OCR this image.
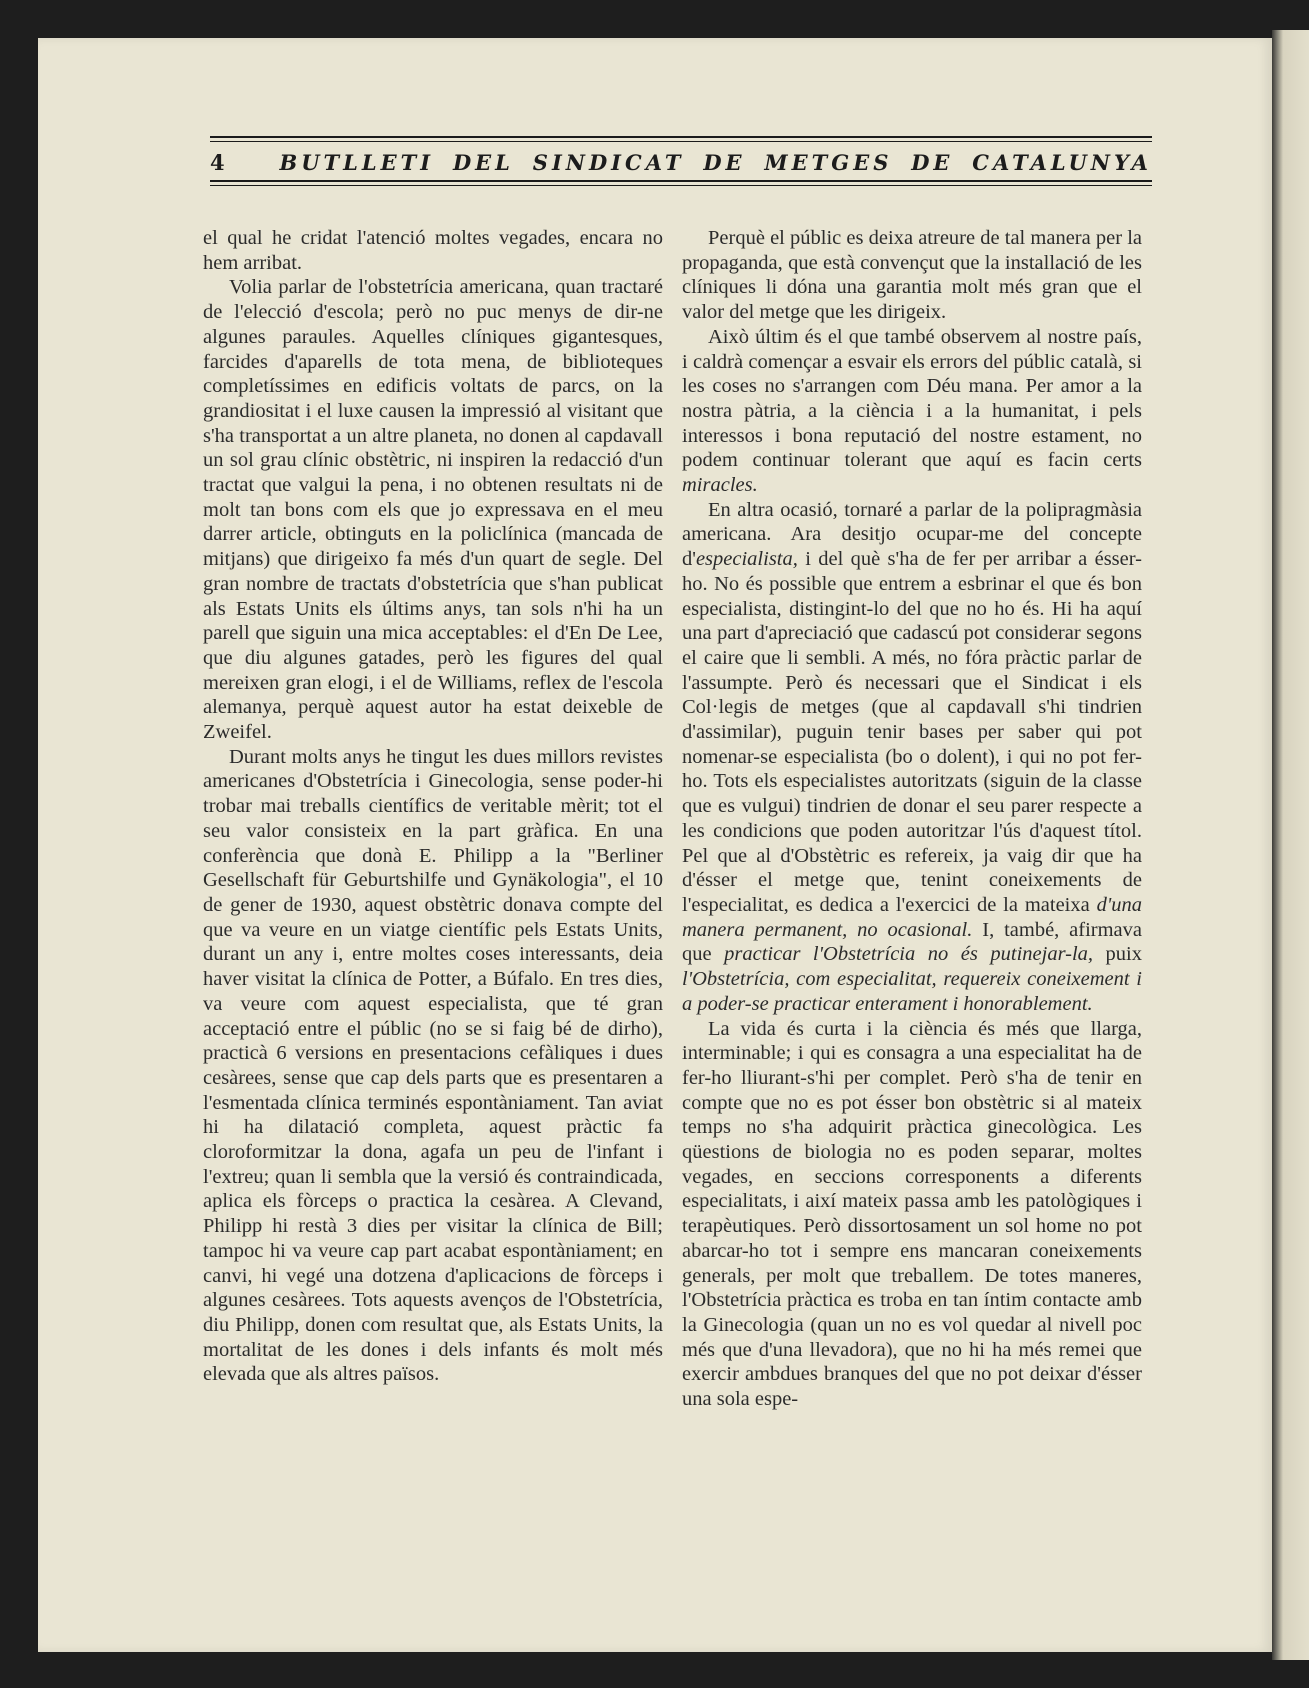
4	BUTLLETI DEL SINDICAT DE METGES DE CATALUNYA

el qual he cridat l'atenció moltes vegades, encara no hem arribat.

Volia parlar de l'obstetrícia americana, quan tractaré de l'elecció d'escola; però no puc menys de dir-ne algunes paraules. Aquelles clíniques gigantesques, farcides d'aparells de tota mena, de biblioteques completíssimes en edificis voltats de parcs, on la grandiositat i el luxe causen la impressió al visitant que s'ha transportat a un altre planeta, no donen al capdavall un sol grau clínic obstètric, ni inspiren la redacció d'un tractat que valgui la pena, i no obtenen resultats ni de molt tan bons com els que jo expressava en el meu darrer article, obtinguts en la policlínica (mancada de mitjans) que dirigeixo fa més d'un quart de segle. Del gran nombre de tractats d'obstetrícia que s'han publicat als Estats Units els últims anys, tan sols n'hi ha un parell que siguin una mica acceptables: el d'En De Lee, que diu algunes gatades, però les figures del qual mereixen gran elogi, i el de Williams, reflex de l'escola alemanya, perquè aquest autor ha estat deixeble de Zweifel.

Durant molts anys he tingut les dues millors revistes americanes d'Obstetrícia i Ginecologia, sense poder-hi trobar mai treballs científics de veritable mèrit; tot el seu valor consisteix en la part gràfica. En una conferència que donà E. Philipp a la "Berliner Gesellschaft für Geburtshilfe und Gynäkologia", el 10 de gener de 1930, aquest obstètric donava compte del que va veure en un viatge científic pels Estats Units, durant un any i, entre moltes coses interessants, deia haver visitat la clínica de Potter, a Búfalo. En tres dies, va veure com aquest especialista, que té gran acceptació entre el públic (no se si faig bé de dirho), practicà 6 versions en presentacions cefàliques i dues cesàrees, sense que cap dels parts que es presentaren a l'esmentada clínica terminés espontàniament. Tan aviat hi ha dilatació completa, aquest pràctic fa cloroformitzar la dona, agafa un peu de l'infant i l'extreu; quan li sembla que la versió és contraindicada, aplica els fòrceps o practica la cesàrea. A Clevand, Philipp hi restà 3 dies per visitar la clínica de Bill; tampoc hi va veure cap part acabat espontàniament; en canvi, hi vegé una dotzena d'aplicacions de fòrceps i algunes cesàrees. Tots aquests avenços de l'Obstetrícia, diu Philipp, donen com resultat que, als Estats Units, la mortalitat de les dones i dels infants és molt més elevada que als altres països.

Perquè el públic es deixa atreure de tal manera per la propaganda, que està convençut que la installació de les clíniques li dóna una garantia molt més gran que el valor del metge que les dirigeix.

Això últim és el que també observem al nostre país, i caldrà començar a esvair els errors del públic català, si les coses no s'arrangen com Déu mana. Per amor a la nostra pàtria, a la ciència i a la humanitat, i pels interessos i bona reputació del nostre estament, no podem continuar tolerant que aquí es facin certs miracles.

En altra ocasió, tornaré a parlar de la polipragmàsia americana. Ara desitjo ocupar-me del concepte d'especialista, i del què s'ha de fer per arribar a ésser-ho. No és possible que entrem a esbrinar el que és bon especialista, distingint-lo del que no ho és. Hi ha aquí una part d'apreciació que cadascú pot considerar segons el caire que li sembli. A més, no fóra pràctic parlar de l'assumpte. Però és necessari que el Sindicat i els Col·legis de metges (que al capdavall s'hi tindrien d'assimilar), puguin tenir bases per saber qui pot nomenar-se especialista (bo o dolent), i qui no pot fer-ho. Tots els especialistes autoritzats (siguin de la classe que es vulgui) tindrien de donar el seu parer respecte a les condicions que poden autoritzar l'ús d'aquest títol. Pel que al d'Obstètric es refereix, ja vaig dir que ha d'ésser el metge que, tenint coneixements de l'especialitat, es dedica a l'exercici de la mateixa d'una manera permanent, no ocasional. I, també, afirmava que practicar l'Obstetrícia no és putinejar-la, puix l'Obstetrícia, com especialitat, requereix coneixement i a poder-se practicar enterament i honorablement.

La vida és curta i la ciència és més que llarga, interminable; i qui es consagra a una especialitat ha de fer-ho lliurant-s'hi per complet. Però s'ha de tenir en compte que no es pot ésser bon obstètric si al mateix temps no s'ha adquirit pràctica ginecològica. Les qüestions de biologia no es poden separar, moltes vegades, en seccions corresponents a diferents especialitats, i així mateix passa amb les patològiques i terapèutiques. Però dissortosament un sol home no pot abarcar-ho tot i sempre ens mancaran coneixements generals, per molt que treballem. De totes maneres, l'Obstetrícia pràctica es troba en tan íntim contacte amb la Ginecologia (quan un no es vol quedar al nivell poc més que d'una llevadora), que no hi ha més remei que exercir ambdues branques del que no pot deixar d'ésser una sola espe-
